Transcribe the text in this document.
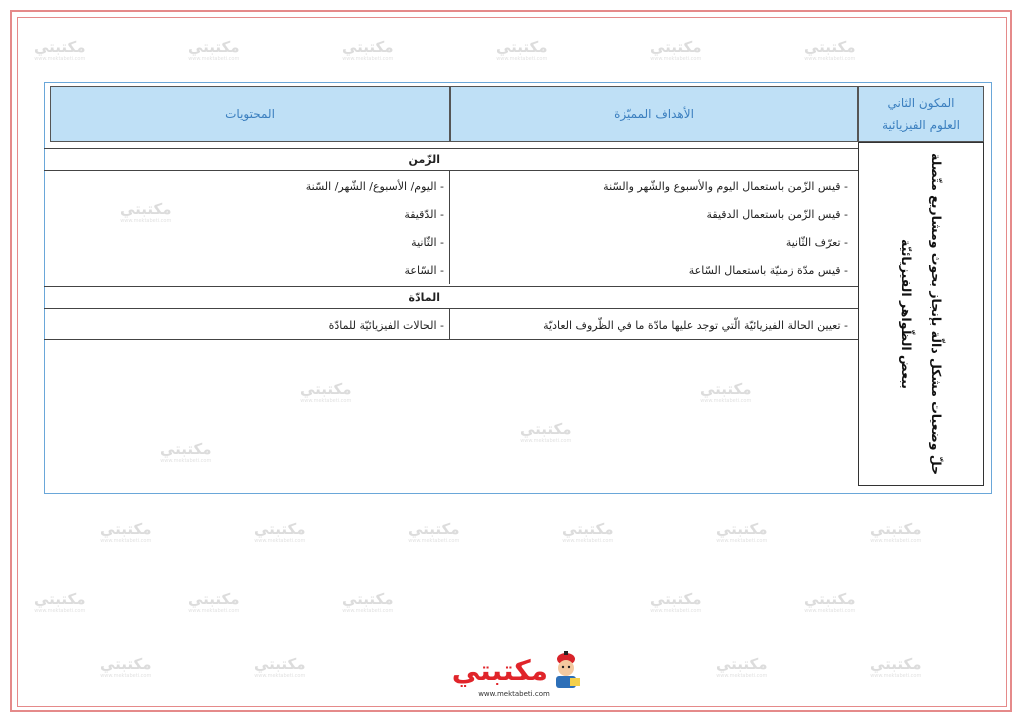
مكتبتي
www.mektabeti.com
مكتبتي
www.mektabeti.com
مكتبتي
www.mektabeti.com
مكتبتي
www.mektabeti.com
مكتبتي
www.mektabeti.com
مكتبتي
www.mektabeti.com
مكتبتي
www.mektabeti.com
مكتبتي
www.mektabeti.com
مكتبتي
www.mektabeti.com
مكتبتي
www.mektabeti.com
مكتبتي
www.mektabeti.com
مكتبتي
www.mektabeti.com
مكتبتي
www.mektabeti.com
مكتبتي
www.mektabeti.com
مكتبتي
www.mektabeti.com
مكتبتي
www.mektabeti.com
مكتبتي
www.mektabeti.com
مكتبتي
www.mektabeti.com
مكتبتي
www.mektabeti.com
مكتبتي
www.mektabeti.com
مكتبتي
www.mektabeti.com
مكتبتي
www.mektabeti.com
مكتبتي
www.mektabeti.com
مكتبتي
www.mektabeti.com
مكتبتي
www.mektabeti.com
مكتبتي
www.mektabeti.com
المكون الثاني
العلوم الفيزيائية
الأهداف المميّزة
المحتويات
حلّ وضعيات مشكل دالّة بإنجاز بحوث ومشاريع متّصلة ببعض الظّواهر الفيزيائيّة
الزّمن
- قيس الزّمن باستعمال اليوم والأسبوع والشّهر والسّنة
- قيس الزّمن باستعمال الدقيقة
- تعرّف الثّانية
- قيس مدّة زمنيّة باستعمال السّاعة
- اليوم/ الأسبوع/ الشّهر/ السّنة
- الدّقيقة
- الثّانية
- السّاعة
المادّة
- تعيين الحالة الفيزيائيّة الّتي توجد عليها مادّة ما في الظّروف العاديّة
- الحالات الفيزيائيّة للمادّة
مكتبتي
www.mektabeti.com
